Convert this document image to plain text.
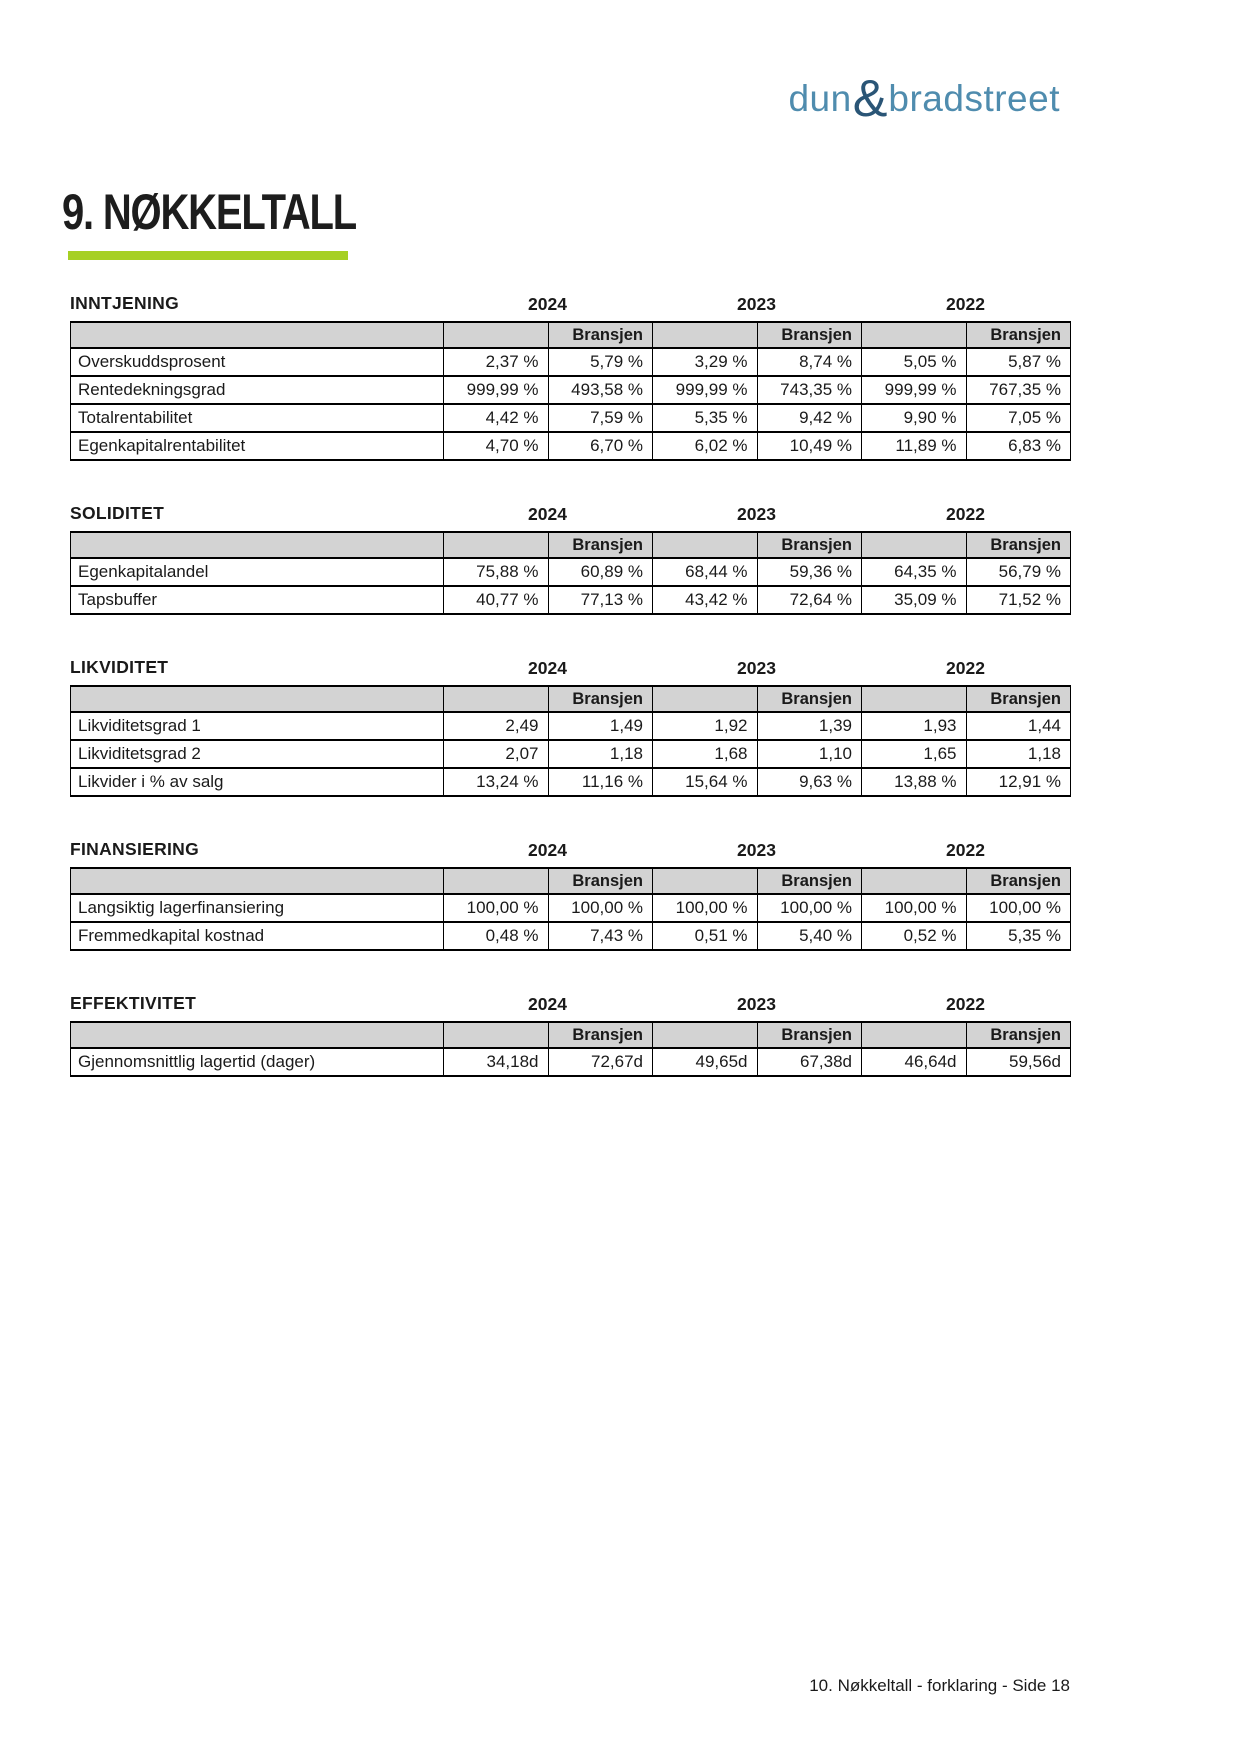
dun & bradstreet
9. NØKKELTALL
INNTJENING	2024	2023	2022
		Bransjen		Bransjen		Bransjen
Overskuddsprosent	2,37 %	5,79 %	3,29 %	8,74 %	5,05 %	5,87 %
Rentedekningsgrad	999,99 %	493,58 %	999,99 %	743,35 %	999,99 %	767,35 %
Totalrentabilitet	4,42 %	7,59 %	5,35 %	9,42 %	9,90 %	7,05 %
Egenkapitalrentabilitet	4,70 %	6,70 %	6,02 %	10,49 %	11,89 %	6,83 %
SOLIDITET	2024	2023	2022
		Bransjen		Bransjen		Bransjen
Egenkapitalandel	75,88 %	60,89 %	68,44 %	59,36 %	64,35 %	56,79 %
Tapsbuffer	40,77 %	77,13 %	43,42 %	72,64 %	35,09 %	71,52 %
LIKVIDITET	2024	2023	2022
		Bransjen		Bransjen		Bransjen
Likviditetsgrad 1	2,49	1,49	1,92	1,39	1,93	1,44
Likviditetsgrad 2	2,07	1,18	1,68	1,10	1,65	1,18
Likvider i % av salg	13,24 %	11,16 %	15,64 %	9,63 %	13,88 %	12,91 %
FINANSIERING	2024	2023	2022
		Bransjen		Bransjen		Bransjen
Langsiktig lagerfinansiering	100,00 %	100,00 %	100,00 %	100,00 %	100,00 %	100,00 %
Fremmedkapital kostnad	0,48 %	7,43 %	0,51 %	5,40 %	0,52 %	5,35 %
EFFEKTIVITET	2024	2023	2022
		Bransjen		Bransjen		Bransjen
Gjennomsnittlig lagertid (dager)	34,18d	72,67d	49,65d	67,38d	46,64d	59,56d
10. Nøkkeltall - forklaring - Side 18
